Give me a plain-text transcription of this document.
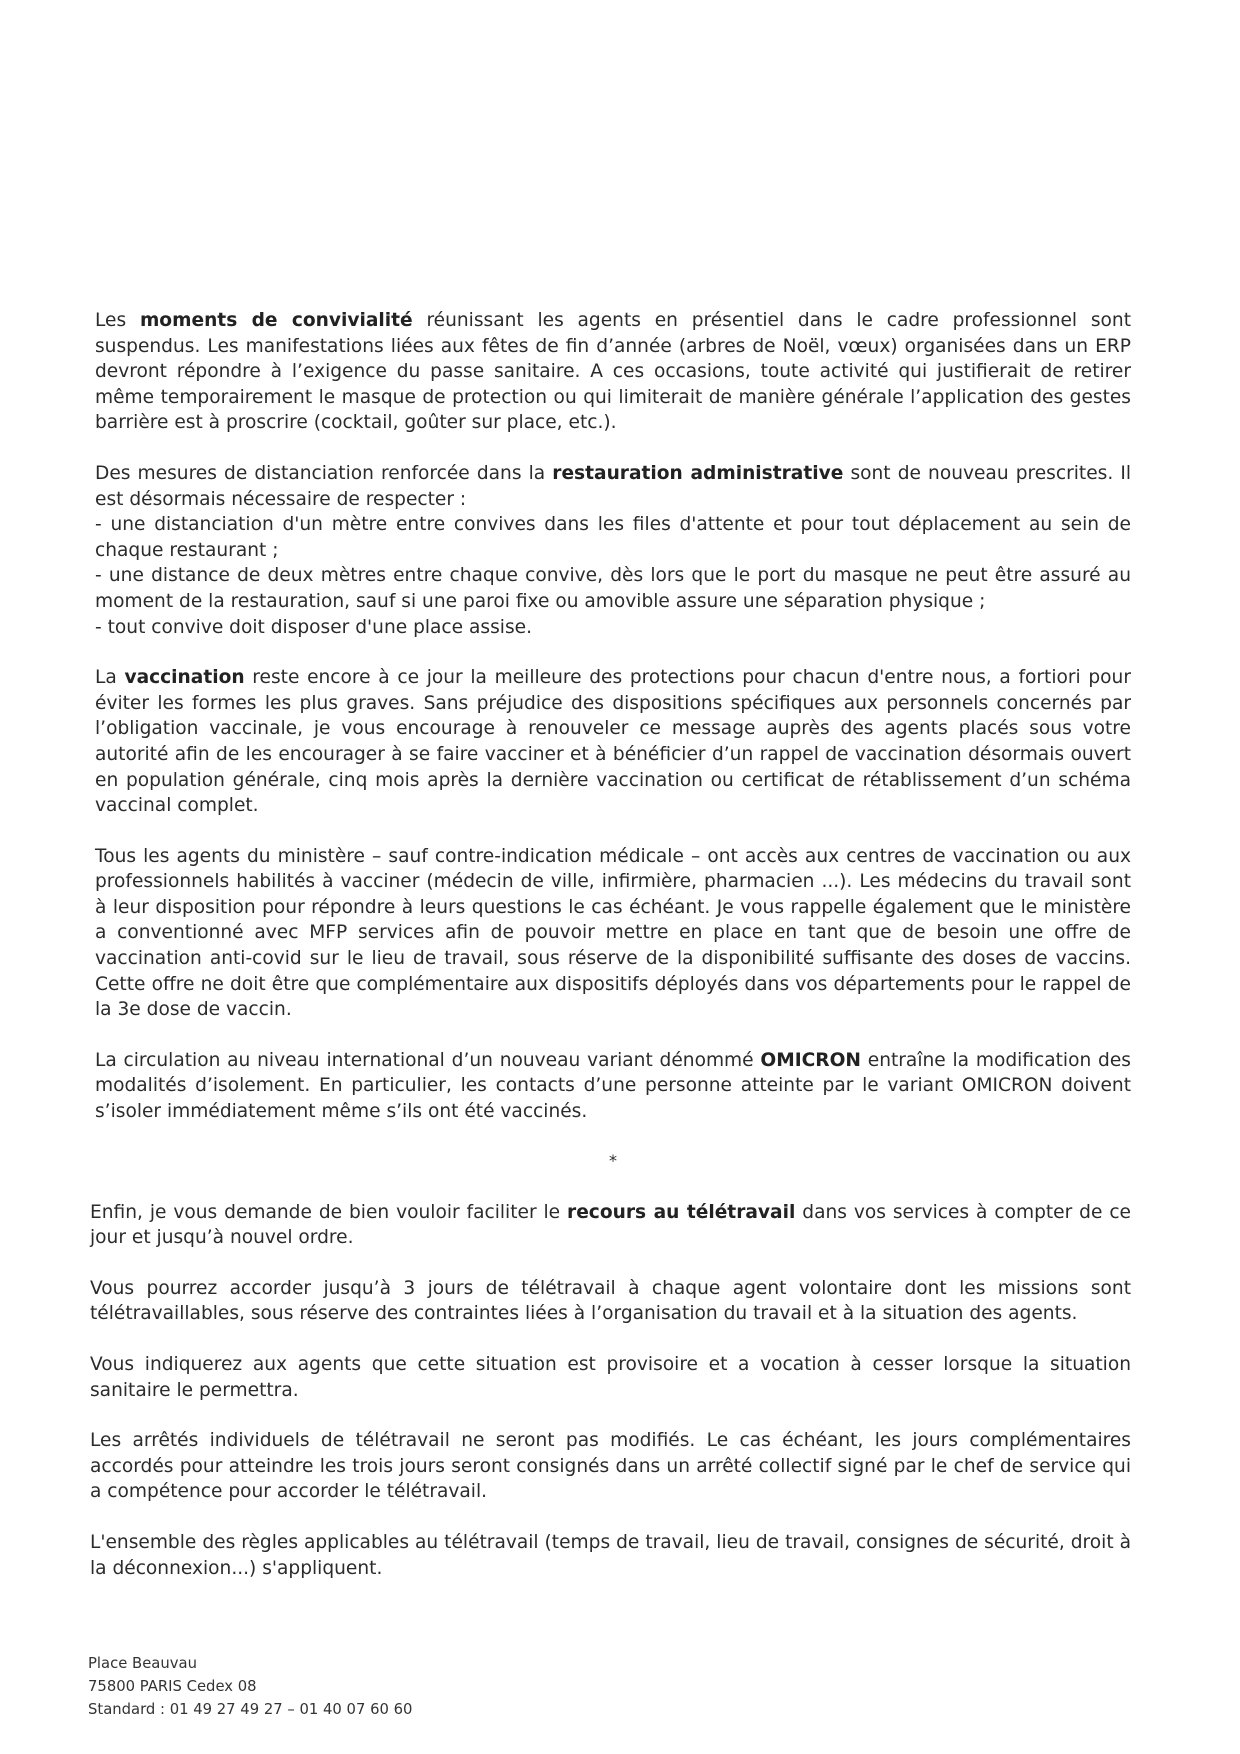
Les moments de convivialité réunissant les agents en présentiel dans le cadre professionnel sont suspendus. Les manifestations liées aux fêtes de fin d’année (arbres de Noël, vœux) organisées dans un ERP devront répondre à l’exigence du passe sanitaire. A ces occasions, toute activité qui justifierait de retirer même temporairement le masque de protection ou qui limiterait de manière générale l’application des gestes barrière est à proscrire (cocktail, goûter sur place, etc.).

Des mesures de distanciation renforcée dans la restauration administrative sont de nouveau prescrites. Il est désormais nécessaire de respecter :
- une distanciation d'un mètre entre convives dans les files d'attente et pour tout déplacement au sein de chaque restaurant ;
- une distance de deux mètres entre chaque convive, dès lors que le port du masque ne peut être assuré au moment de la restauration, sauf si une paroi fixe ou amovible assure une séparation physique ;
- tout convive doit disposer d'une place assise.

La vaccination reste encore à ce jour la meilleure des protections pour chacun d'entre nous, a fortiori pour éviter les formes les plus graves. Sans préjudice des dispositions spécifiques aux personnels concernés par l’obligation vaccinale, je vous encourage à renouveler ce message auprès des agents placés sous votre autorité afin de les encourager à se faire vacciner et à bénéficier d’un rappel de vaccination désormais ouvert en population générale, cinq mois après la dernière vaccination ou certificat de rétablissement d’un schéma vaccinal complet.

Tous les agents du ministère – sauf contre-indication médicale – ont accès aux centres de vaccination ou aux professionnels habilités à vacciner (médecin de ville, infirmière, pharmacien ...). Les médecins du travail sont à leur disposition pour répondre à leurs questions le cas échéant. Je vous rappelle également que le ministère a conventionné avec MFP services afin de pouvoir mettre en place en tant que de besoin une offre de vaccination anti-covid sur le lieu de travail, sous réserve de la disponibilité suffisante des doses de vaccins. Cette offre ne doit être que complémentaire aux dispositifs déployés dans vos départements pour le rappel de la 3e dose de vaccin.

La circulation au niveau international d’un nouveau variant dénommé OMICRON entraîne la modification des modalités d’isolement. En particulier, les contacts d’une personne atteinte par le variant OMICRON doivent s’isoler immédiatement même s’ils ont été vaccinés.

*

Enfin, je vous demande de bien vouloir faciliter le recours au télétravail dans vos services à compter de ce jour et jusqu’à nouvel ordre.

Vous pourrez accorder jusqu’à 3 jours de télétravail à chaque agent volontaire dont les missions sont télétravaillables, sous réserve des contraintes liées à l’organisation du travail et à la situation des agents.

Vous indiquerez aux agents que cette situation est provisoire et a vocation à cesser lorsque la situation sanitaire le permettra.

Les arrêtés individuels de télétravail ne seront pas modifiés. Le cas échéant, les jours complémentaires accordés pour atteindre les trois jours seront consignés dans un arrêté collectif signé par le chef de service qui a compétence pour accorder le télétravail.

L'ensemble des règles applicables au télétravail (temps de travail, lieu de travail, consignes de sécurité, droit à la déconnexion...) s'appliquent.

Place Beauvau
75800 PARIS Cedex 08
Standard : 01 49 27 49 27 – 01 40 07 60 60
